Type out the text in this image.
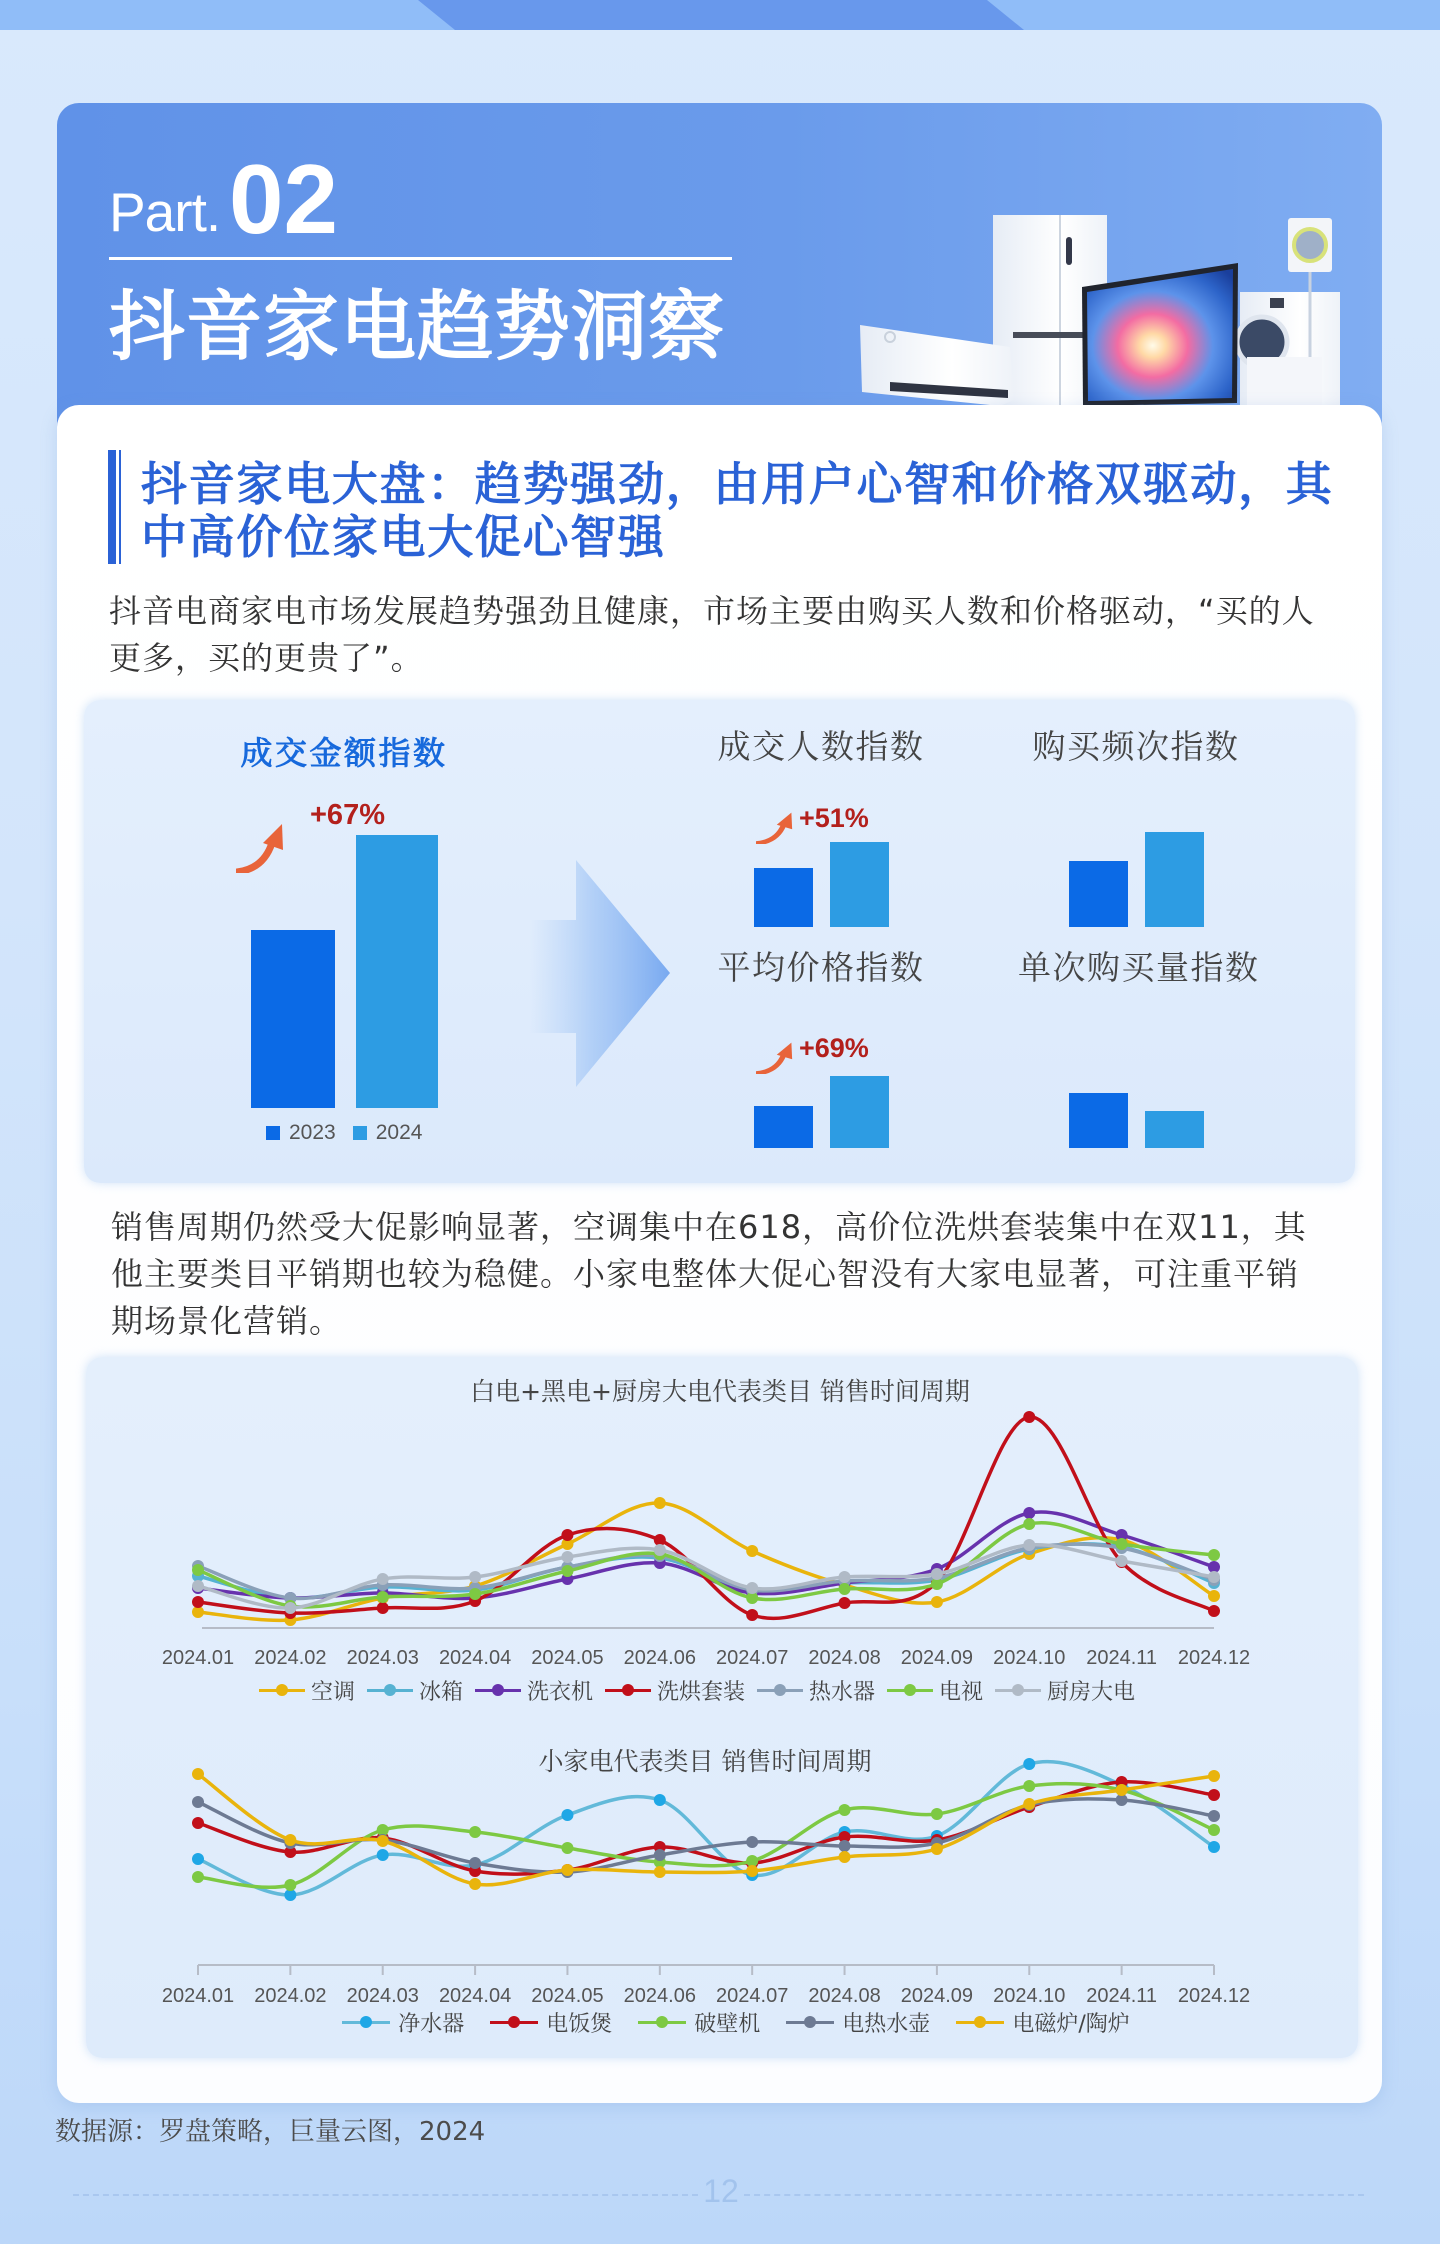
Part. 02
抖音家电趋势洞察
抖音家电大盘：趋势强劲，由用户心智和价格双驱动，其中高价位家电大促心智强

抖音电商家电市场发展趋势强劲且健康，市场主要由购买人数和价格驱动，“买的人更多，买的更贵了”。

成交金额指数
+67%
2023 2024
成交人数指数	购买频次指数
平均价格指数	单次购买量指数
+51%
+69%

销售周期仍然受大促影响显著，空调集中在618，高价位洗烘套装集中在双11，其他主要类目平销期也较为稳健。小家电整体大促心智没有大家电显著，可注重平销期场景化营销。

白电+黑电+厨房大电代表类目 销售时间周期
小家电代表类目 销售时间周期
2024.01 2024.02 2024.03 2024.04 2024.05 2024.06 2024.07 2024.08 2024.09 2024.10 2024.11 2024.12
2024.01 2024.02 2024.03 2024.04 2024.05 2024.06 2024.07 2024.08 2024.09 2024.10 2024.11 2024.12
空调	冰箱	洗衣机	洗烘套装	热水器	电视	厨房大电
净水器	电饭煲	破壁机	电热水壶	电磁炉/陶炉
数据源：罗盘策略，巨量云图，2024
12
